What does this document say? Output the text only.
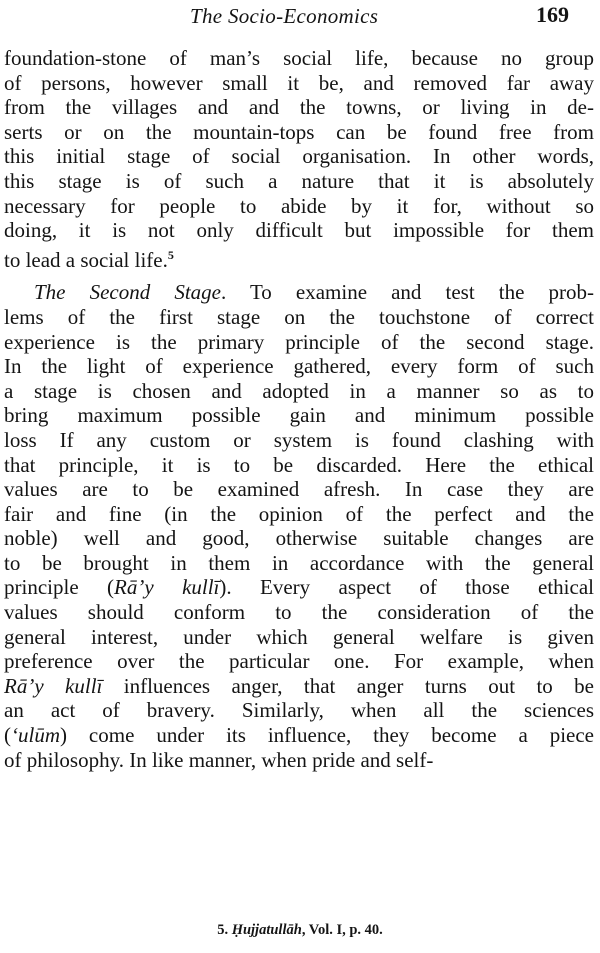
The Socio-Economics	169
foundation-stone of man’s social life, because no group
of persons, however small it be, and removed far away
from the villages and and the towns, or living in de-
serts or on the mountain-tops can be found free from
this initial stage of social organisation. In other words,
this stage is of such a nature that it is absolutely
necessary for people to abide by it for, without so
doing, it is not only difficult but impossible for them
to lead a social life.$^5$
The Second Stage. To examine and test the prob-
lems of the first stage on the touchstone of correct
experience is the primary principle of the second stage.
In the light of experience gathered, every form of such
a stage is chosen and adopted in a manner so as to
bring maximum possible gain and minimum possible
loss If any custom or system is found clashing with
that principle, it is to be discarded. Here the ethical
values are to be examined afresh. In case they are
fair and fine (in the opinion of the perfect and the
noble) well and good, otherwise suitable changes are
to be brought in them in accordance with the general
principle (Rā’y kullī). Every aspect of those ethical
values should conform to the consideration of the
general interest, under which general welfare is given
preference over the particular one. For example, when
Rā’y kullī influences anger, that anger turns out to be
an act of bravery. Similarly, when all the sciences
(‘ulūm) come under its influence, they become a piece
of philosophy. In like manner, when pride and self-
5. Ḥujjatullāh, Vol. I, p. 40.
